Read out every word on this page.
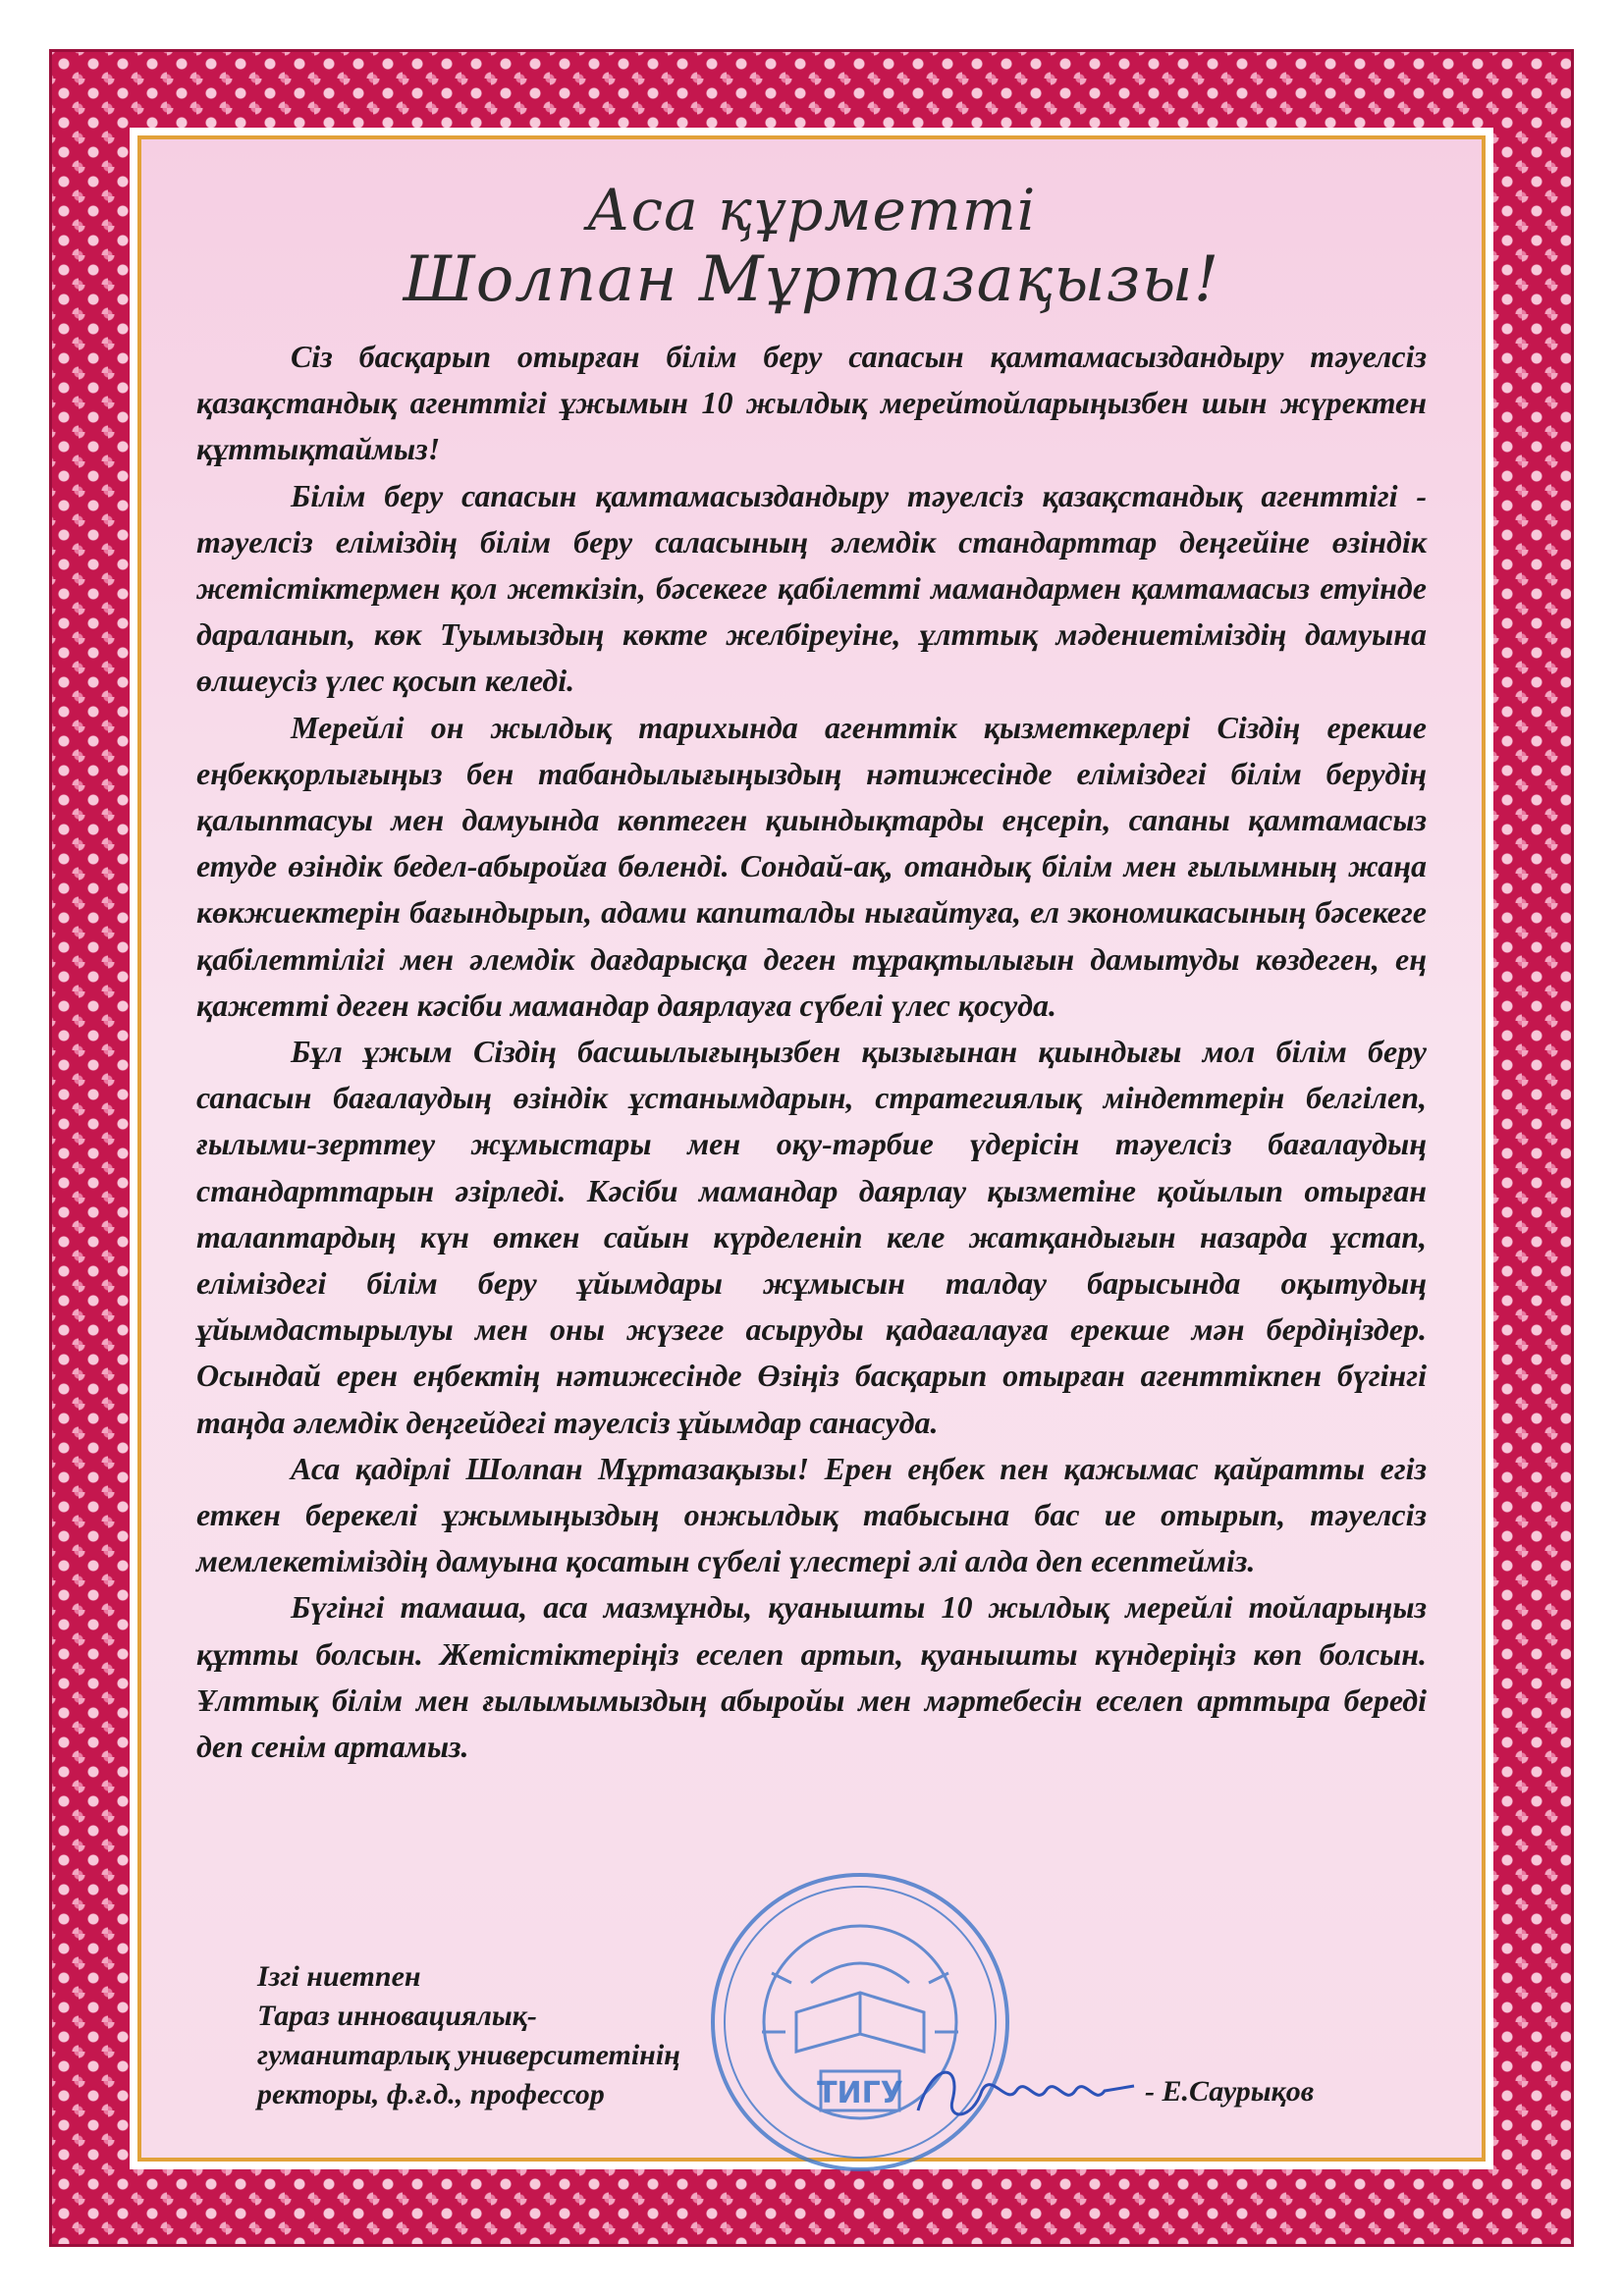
Аса құрметті
Шолпан Мұртазақызы!

Сіз басқарып отырған білім беру сапасын қамтамасыздандыру тәуелсіз қазақстандық агенттігі ұжымын 10 жылдық мерейтойларыңызбен шын жүректен құттықтаймыз!

Білім беру сапасын қамтамасыздандыру тәуелсіз қазақстандық агенттігі - тәуелсіз еліміздің білім беру саласының әлемдік стандарттар деңгейіне өзіндік жетістіктермен қол жеткізіп, бәсекеге қабілетті мамандармен қамтамасыз етуінде дараланып, көк Туымыздың көкте желбіреуіне, ұлттық мәдениетіміздің дамуына өлшеусіз үлес қосып келеді.

Мерейлі он жылдық тарихында агенттік қызметкерлері Сіздің ерекше еңбекқорлығыңыз бен табандылығыңыздың нәтижесінде еліміздегі білім берудің қалыптасуы мен дамуында көптеген қиындықтарды еңсеріп, сапаны қамтамасыз етуде өзіндік бедел-абыройға бөленді. Сондай-ақ, отандық білім мен ғылымның жаңа көкжиектерін бағындырып, адами капиталды нығайтуға, ел экономикасының бәсекеге қабілеттілігі мен әлемдік дағдарысқа деген тұрақтылығын дамытуды көздеген, ең қажетті деген кәсіби мамандар даярлауға сүбелі үлес қосуда.

Бұл ұжым Сіздің басшылығыңызбен қызығынан қиындығы мол білім беру сапасын бағалаудың өзіндік ұстанымдарын, стратегиялық міндеттерін белгілеп, ғылыми-зерттеу жұмыстары мен оқу-тәрбие үдерісін тәуелсіз бағалаудың стандарттарын әзірледі. Кәсіби мамандар даярлау қызметіне қойылып отырған талаптардың күн өткен сайын күрделеніп келе жатқандығын назарда ұстап, еліміздегі білім беру ұйымдары жұмысын талдау барысында оқытудың ұйымдастырылуы мен оны жүзеге асыруды қадағалауға ерекше мән бердіңіздер. Осындай ерен еңбектің нәтижесінде Өзіңіз басқарып отырған агенттікпен бүгінгі таңда әлемдік деңгейдегі тәуелсіз ұйымдар санасуда.

Аса қадірлі Шолпан Мұртазақызы! Ерен еңбек пен қажымас қайратты егіз еткен берекелі ұжымыңыздың онжылдық табысына бас ие отырып, тәуелсіз мемлекетіміздің дамуына қосатын сүбелі үлестері әлі алда деп есептейміз.

Бүгінгі тамаша, аса мазмұнды, қуанышты 10 жылдық мерейлі тойларыңыз құтты болсын. Жетістіктеріңіз еселеп артып, қуанышты күндеріңіз көп болсын. Ұлттық білім мен ғылымымыздың абыройы мен мәртебесін еселеп арттыра береді деп сенім артамыз.

ТИГУ
Ізгі ниетпен
Тараз инновациялық-
гуманитарлық университетінің
ректоры, ф.ғ.д., профессор	- Е.Саурықов
